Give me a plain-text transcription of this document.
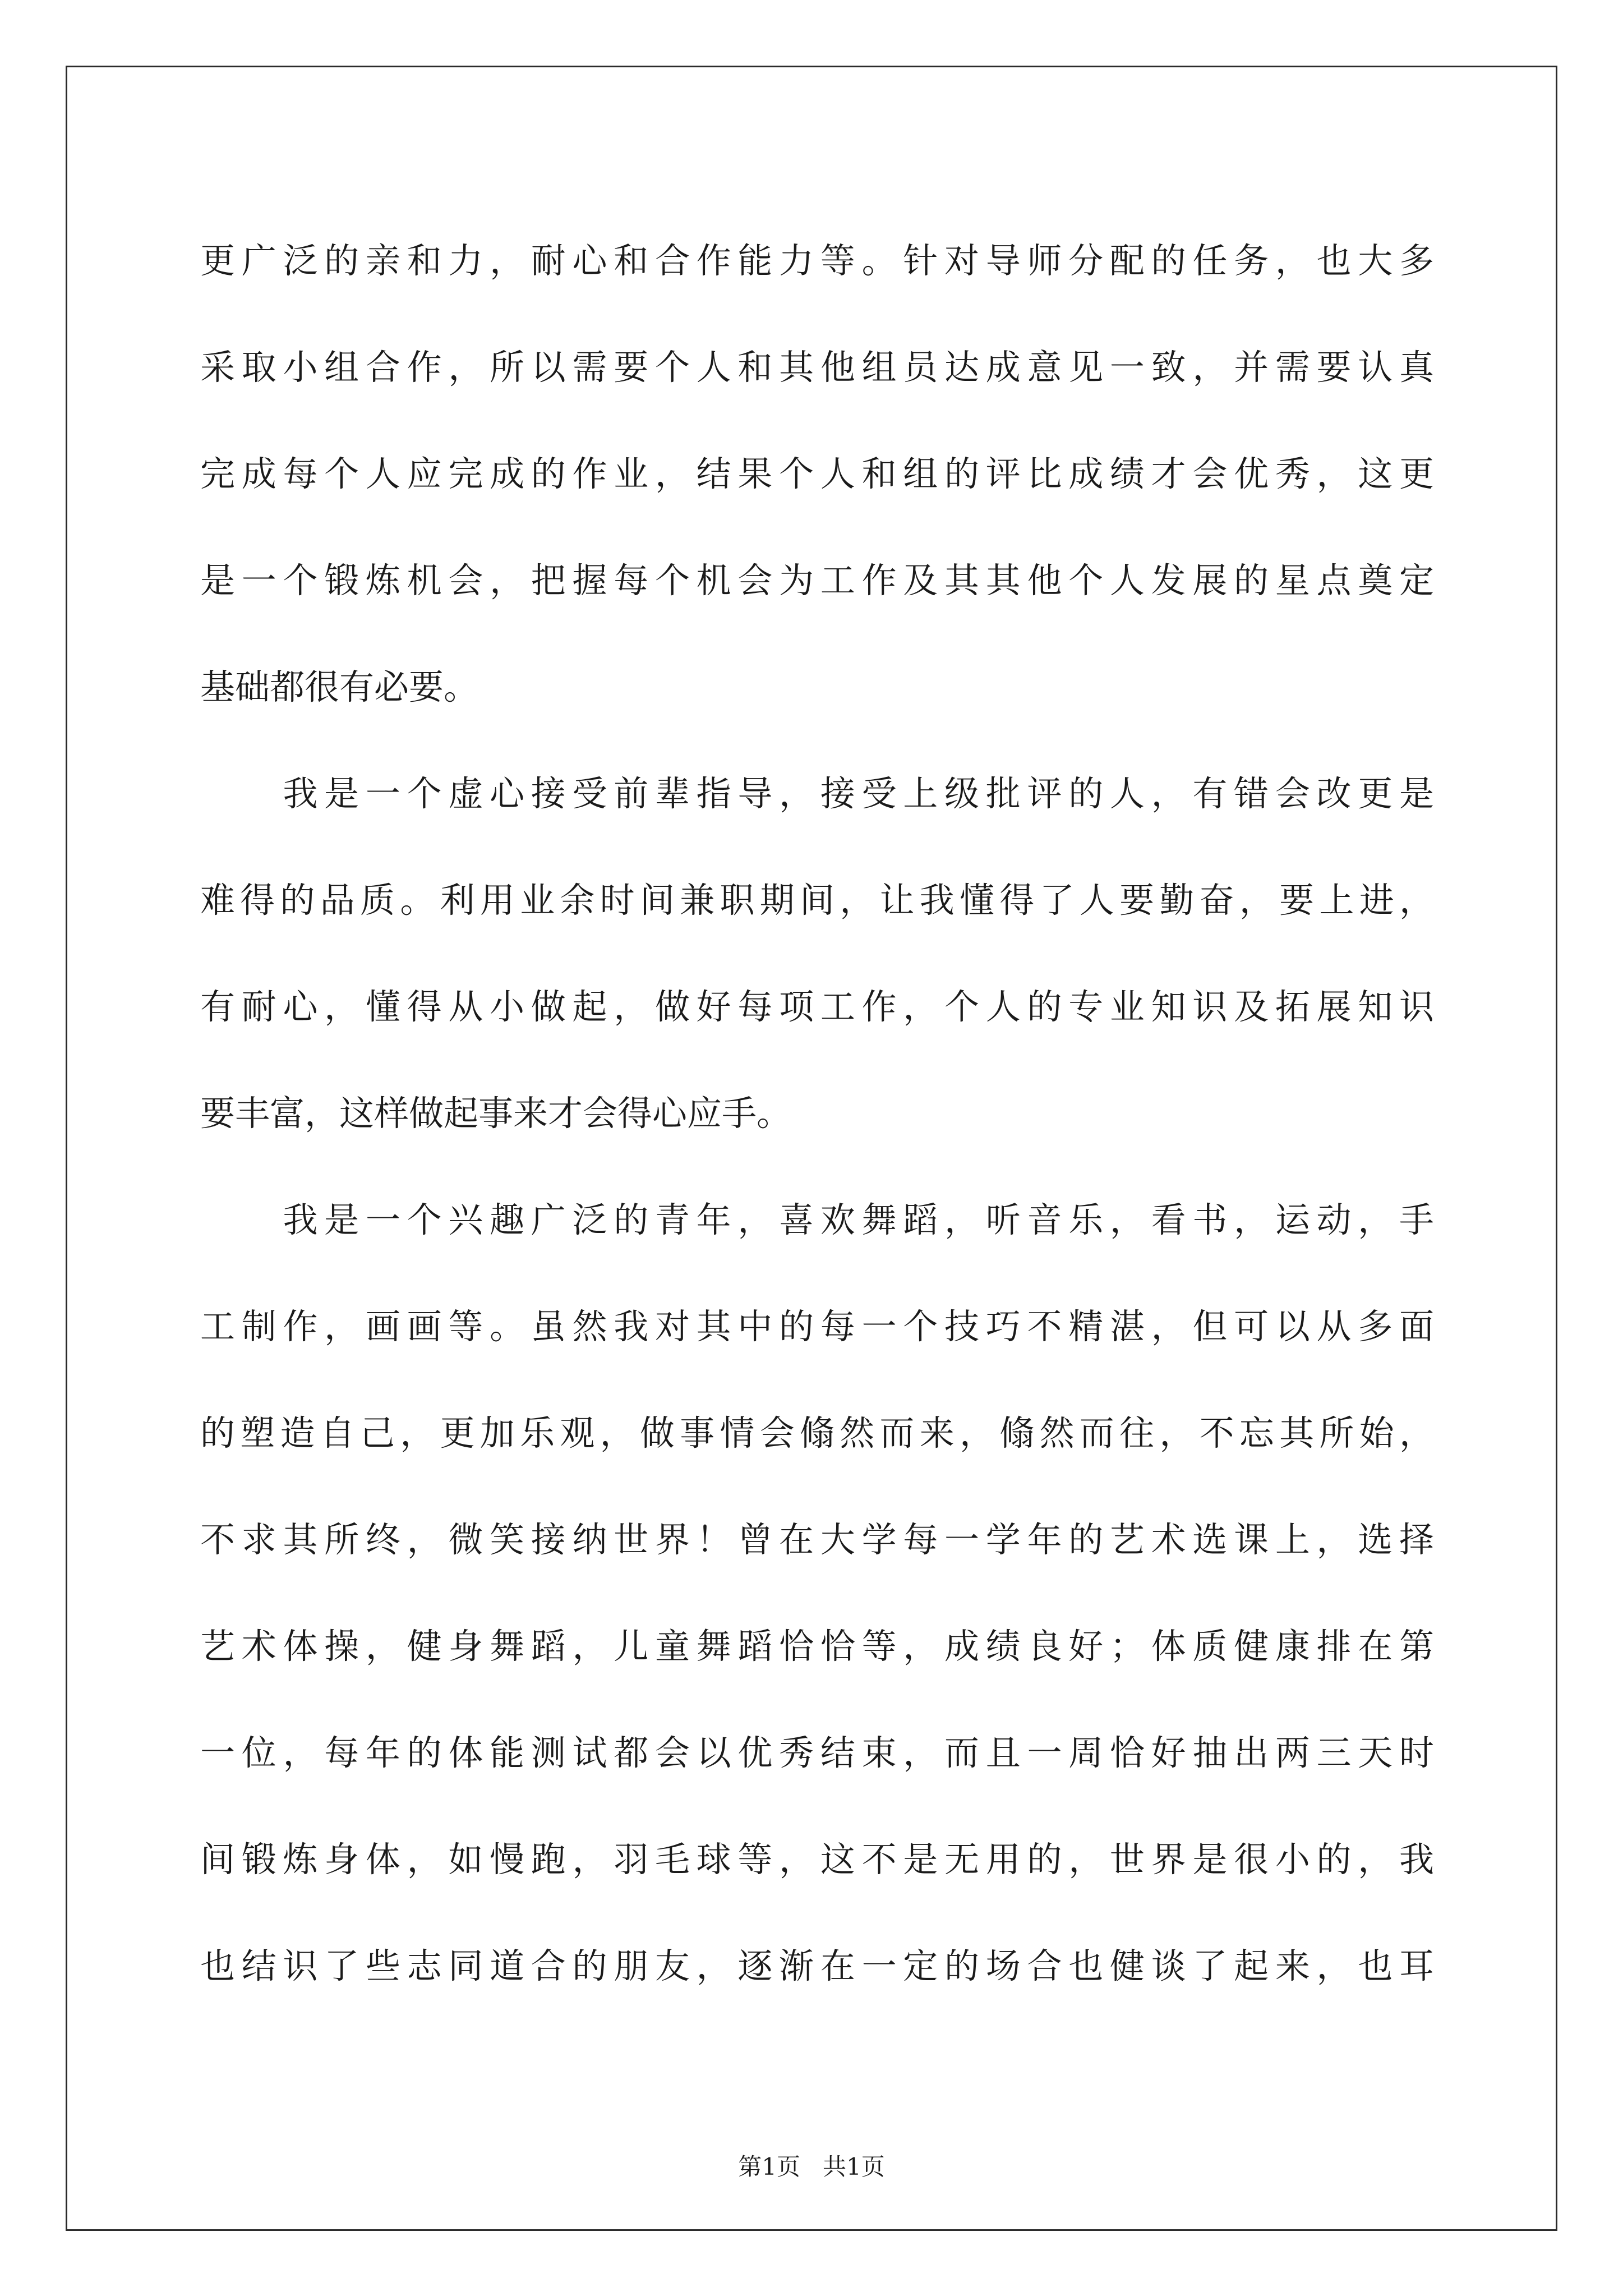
更广泛的亲和力，耐心和合作能力等。针对导师分配的任务，也大多
采取小组合作，所以需要个人和其他组员达成意见一致，并需要认真
完成每个人应完成的作业，结果个人和组的评比成绩才会优秀，这更
是一个锻炼机会，把握每个机会为工作及其其他个人发展的星点奠定
基础都很有必要。
　　我是一个虚心接受前辈指导，接受上级批评的人，有错会改更是
难得的品质。利用业余时间兼职期间，让我懂得了人要勤奋，要上进，
有耐心，懂得从小做起，做好每项工作，个人的专业知识及拓展知识
要丰富，这样做起事来才会得心应手。
　　我是一个兴趣广泛的青年，喜欢舞蹈，听音乐，看书，运动，手
工制作，画画等。虽然我对其中的每一个技巧不精湛，但可以从多面
的塑造自己，更加乐观，做事情会翛然而来，翛然而往，不忘其所始，
不求其所终，微笑接纳世界！曾在大学每一学年的艺术选课上，选择
艺术体操，健身舞蹈，儿童舞蹈恰恰等，成绩良好；体质健康排在第
一位，每年的体能测试都会以优秀结束，而且一周恰好抽出两三天时
间锻炼身体，如慢跑，羽毛球等，这不是无用的，世界是很小的，我
也结识了些志同道合的朋友，逐渐在一定的场合也健谈了起来，也耳
第1页 共1页
